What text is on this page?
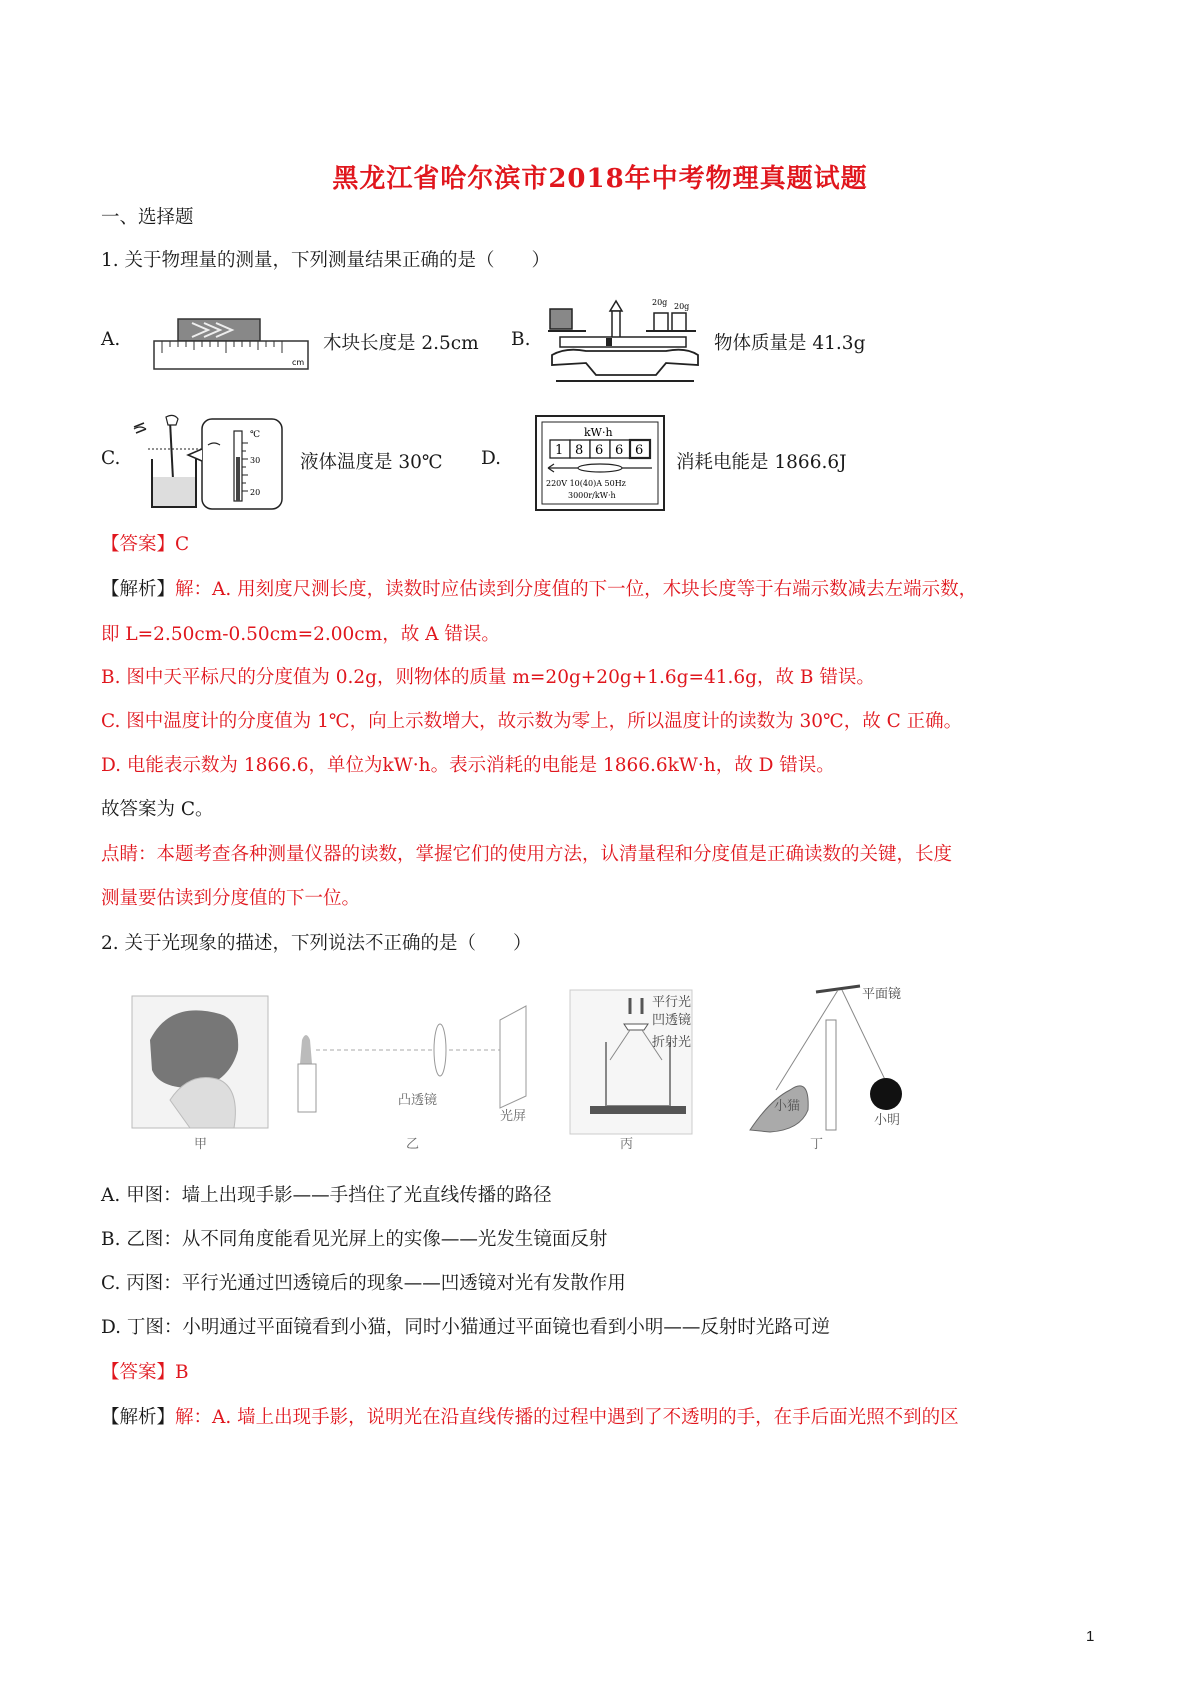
黑龙江省哈尔滨市2018年中考物理真题试题
一、选择题
1. 关于物理量的测量，下列测量结果正确的是（　　）
A.
cm
木块长度是 2.5cm B.
20g 20g
物体质量是 41.3g
C.
℃
30
20
液体温度是 30℃ D.
kW·h
1 8 6 6 6
220V 10(40)A 50Hz
3000r/kW·h
消耗电能是 1866.6J
【答案】C
【解析】解：A. 用刻度尺测长度，读数时应估读到分度值的下一位，木块长度等于右端示数减去左端示数，
即 L=2.50cm-0.50cm=2.00cm，故 A 错误。
B. 图中天平标尺的分度值为 0.2g，则物体的质量 m=20g+20g+1.6g=41.6g，故 B 错误。
C. 图中温度计的分度值为 1℃，向上示数增大，故示数为零上，所以温度计的读数为 30℃，故 C 正确。
D. 电能表示数为 1866.6，单位为kW·h。表示消耗的电能是 1866.6kW·h，故 D 错误。
故答案为 C。
点睛：本题考查各种测量仪器的读数，掌握它们的使用方法，认清量程和分度值是正确读数的关键，长度
测量要估读到分度值的下一位。
2. 关于光现象的描述，下列说法不正确的是（　　）
甲
凸透镜
光屏
乙
平行光
凹透镜
折射光
丙
平面镜
小猫
小明
丁
A. 甲图：墙上出现手影——手挡住了光直线传播的路径
B. 乙图：从不同角度能看见光屏上的实像——光发生镜面反射
C. 丙图：平行光通过凹透镜后的现象——凹透镜对光有发散作用
D. 丁图：小明通过平面镜看到小猫，同时小猫通过平面镜也看到小明——反射时光路可逆
【答案】B
【解析】解：A. 墙上出现手影，说明光在沿直线传播的过程中遇到了不透明的手，在手后面光照不到的区
1
